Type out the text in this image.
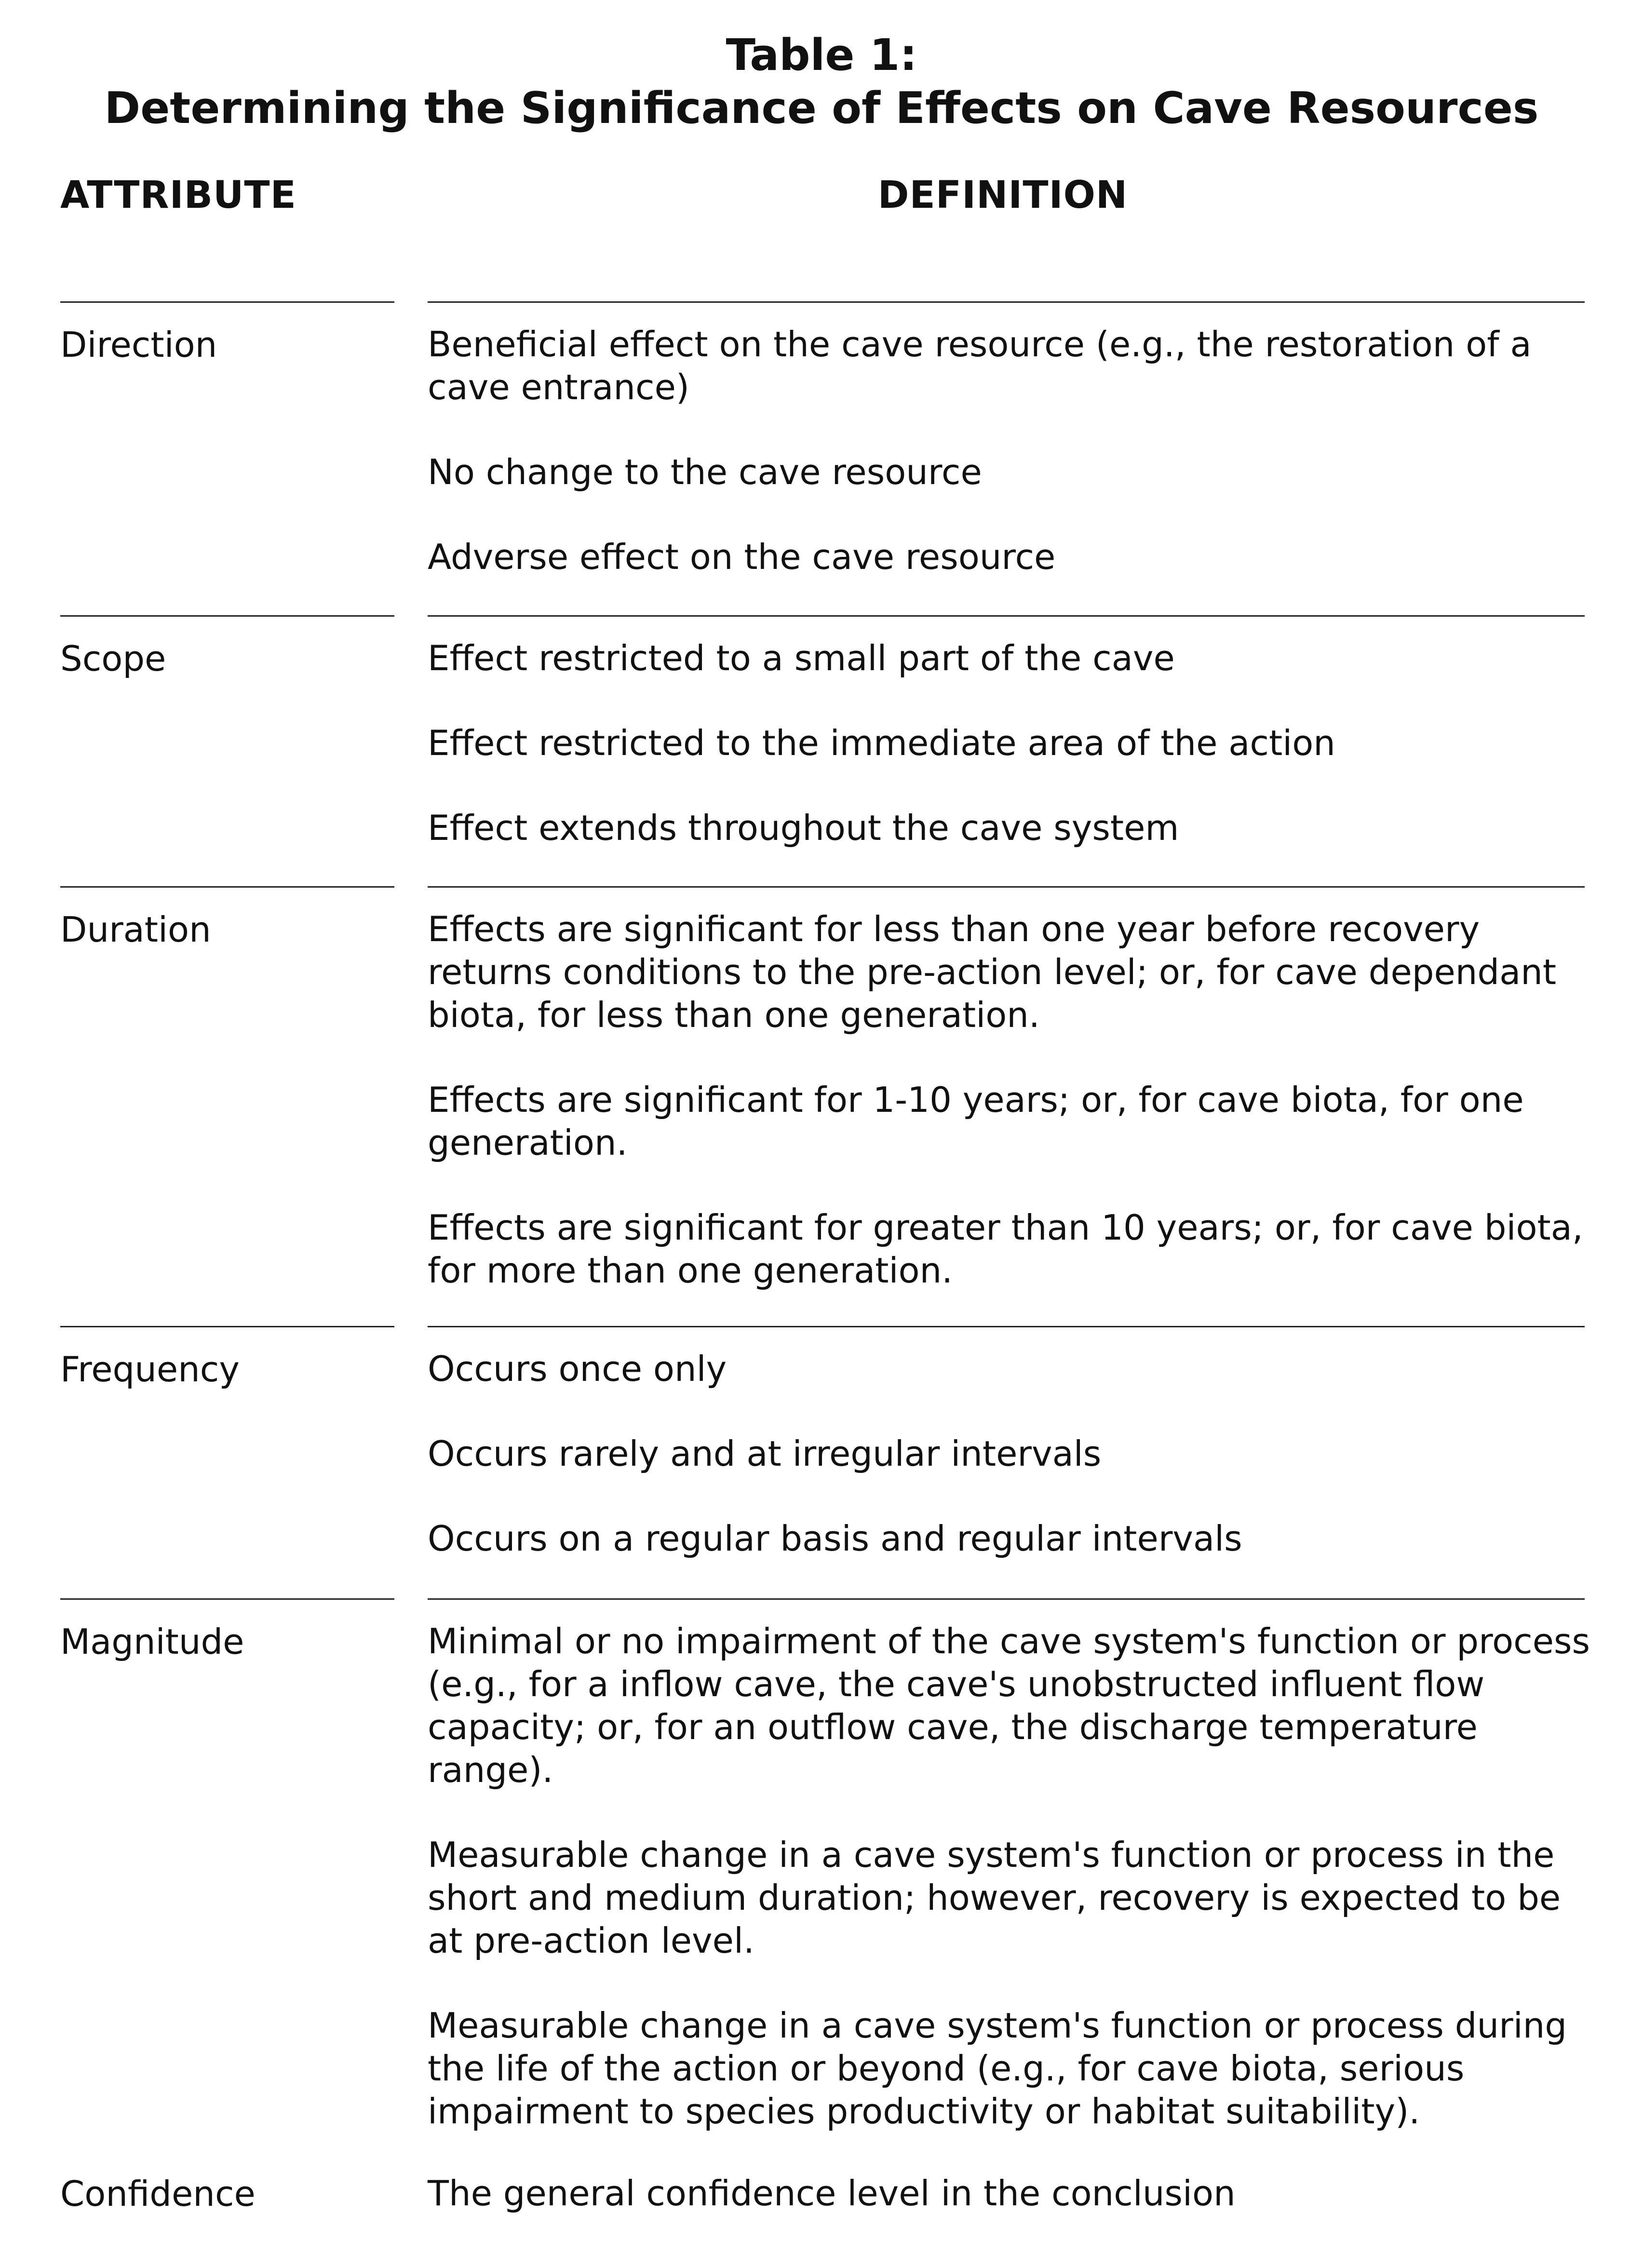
Table 1:
Determining the Significance of Effects on Cave Resources
ATTRIBUTE	DEFINITION

Direction	Beneficial effect on the cave resource (e.g., the restoration of a cave entrance)
No change to the cave resource
Adverse effect on the cave resource

Scope	Effect restricted to a small part of the cave
Effect restricted to the immediate area of the action
Effect extends throughout the cave system

Duration	Effects are significant for less than one year before recovery returns conditions to the pre-action level; or, for cave dependant biota, for less than one generation.
Effects are significant for 1-10 years; or, for cave biota, for one generation.
Effects are significant for greater than 10 years; or, for cave biota, for more than one generation.

Frequency	Occurs once only
Occurs rarely and at irregular intervals
Occurs on a regular basis and regular intervals

Magnitude	Minimal or no impairment of the cave system's function or process (e.g., for a inflow cave, the cave's unobstructed influent flow capacity; or, for an outflow cave, the discharge temperature range).
Measurable change in a cave system's function or process in the short and medium duration; however, recovery is expected to be at pre-action level.
Measurable change in a cave system's function or process during the life of the action or beyond (e.g., for cave biota, serious impairment to species productivity or habitat suitability).

Confidence	The general confidence level in the conclusion
